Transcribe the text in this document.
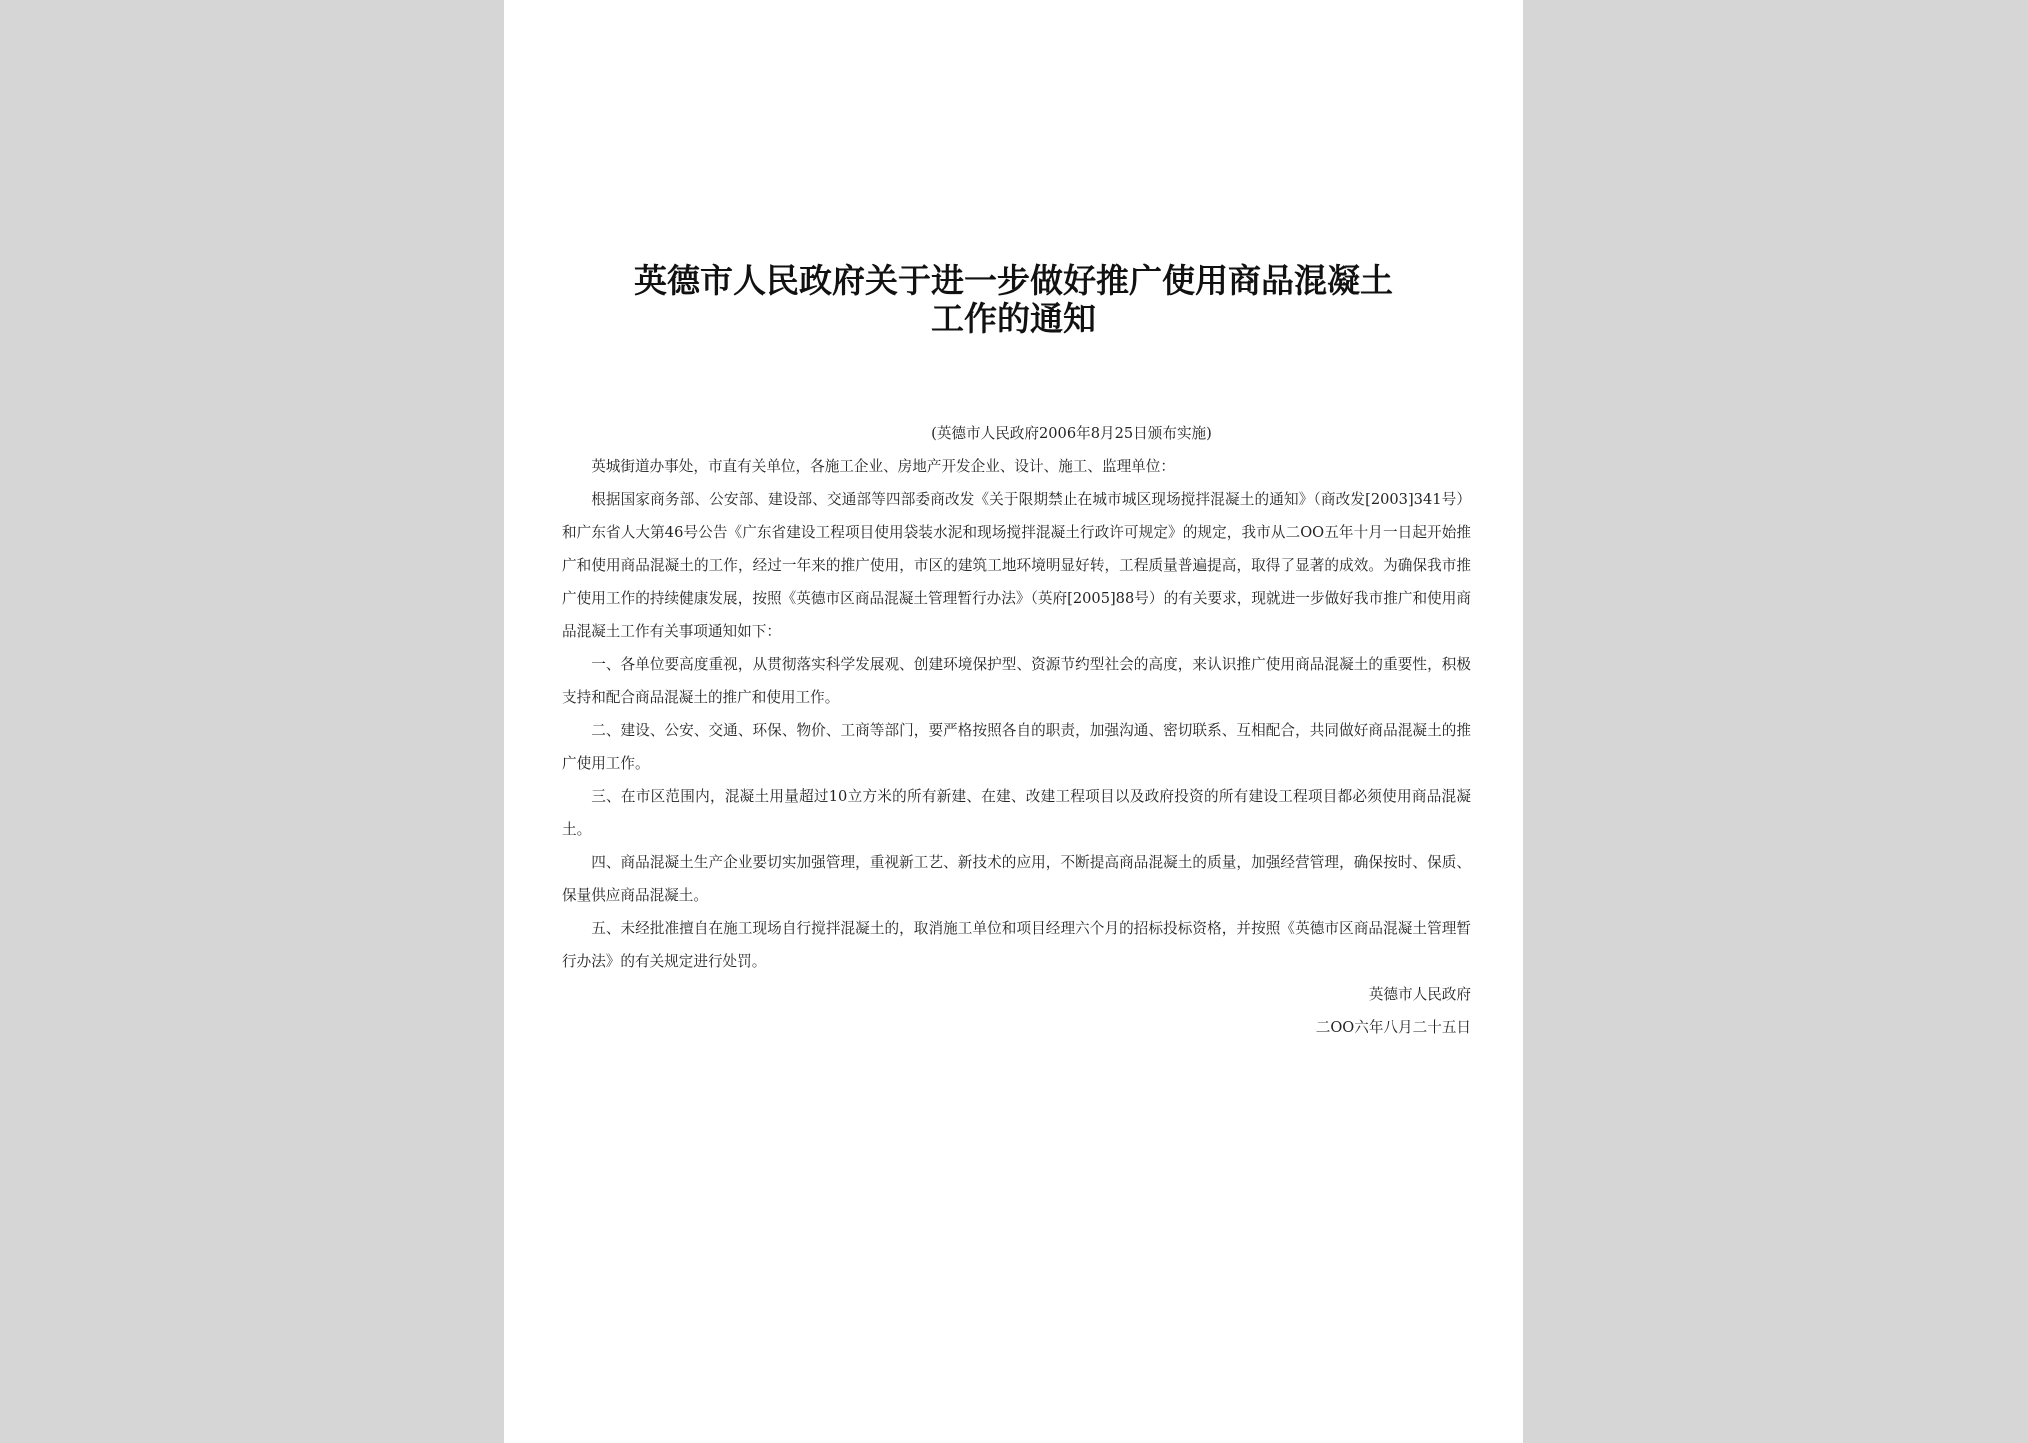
英德市人民政府关于进一步做好推广使用商品混凝土
工作的通知
(英德市人民政府2006年8月25日颁布实施)

英城街道办事处，市直有关单位，各施工企业、房地产开发企业、设计、施工、监理单位：

根据国家商务部、公安部、建设部、交通部等四部委商改发《关于限期禁止在城市城区现场搅拌混凝土的通知》（商改发[2003]341号）和广东省人大第46号公告《广东省建设工程项目使用袋装水泥和现场搅拌混凝土行政许可规定》的规定，我市从二OO五年十月一日起开始推广和使用商品混凝土的工作，经过一年来的推广使用，市区的建筑工地环境明显好转，工程质量普遍提高，取得了显著的成效。为确保我市推广使用工作的持续健康发展，按照《英德市区商品混凝土管理暂行办法》（英府[2005]88号）的有关要求，现就进一步做好我市推广和使用商品混凝土工作有关事项通知如下：

一、各单位要高度重视，从贯彻落实科学发展观、创建环境保护型、资源节约型社会的高度，来认识推广使用商品混凝土的重要性，积极支持和配合商品混凝土的推广和使用工作。

二、建设、公安、交通、环保、物价、工商等部门，要严格按照各自的职责，加强沟通、密切联系、互相配合，共同做好商品混凝土的推广使用工作。

三、在市区范围内，混凝土用量超过10立方米的所有新建、在建、改建工程项目以及政府投资的所有建设工程项目都必须使用商品混凝土。

四、商品混凝土生产企业要切实加强管理，重视新工艺、新技术的应用，不断提高商品混凝土的质量，加强经营管理，确保按时、保质、保量供应商品混凝土。

五、未经批准擅自在施工现场自行搅拌混凝土的，取消施工单位和项目经理六个月的招标投标资格，并按照《英德市区商品混凝土管理暂行办法》的有关规定进行处罚。

英德市人民政府

二OO六年八月二十五日
